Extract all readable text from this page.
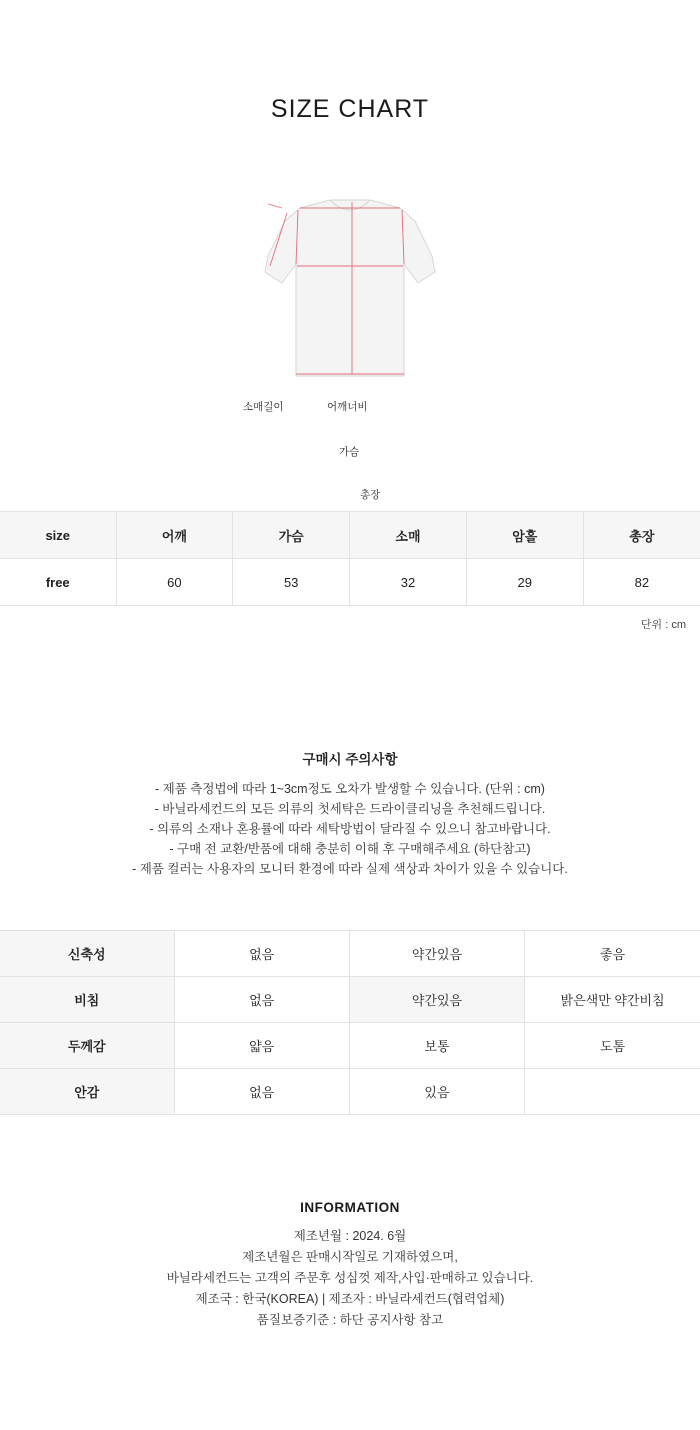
SIZE CHART
소매길이	어깨너비
가슴
총장
size	어깨	가슴	소매	암홀	총장
free	60	53	32	29	82
단위 : cm
구매시 주의사항
- 제품 측정법에 따라 1~3cm정도 오차가 발생할 수 있습니다. (단위 : cm)
- 바닐라세컨드의 모든 의류의 첫세탁은 드라이클리닝을 추천해드립니다.
- 의류의 소재나 혼용률에 따라 세탁방법이 달라질 수 있으니 참고바랍니다.
- 구매 전 교환/반품에 대해 충분히 이해 후 구매해주세요 (하단참고)
- 제품 컬러는 사용자의 모니터 환경에 따라 실제 색상과 차이가 있을 수 있습니다.
신축성	없음	약간있음	좋음
비침	없음	약간있음	밝은색만 약간비침
두께감	얇음	보통	도톰
안감	없음	있음	
INFORMATION
제조년월 : 2024. 6월
제조년월은 판매시작일로 기재하였으며,
바닐라세컨드는 고객의 주문후 성심껏 제작,사입·판매하고 있습니다.
제조국 : 한국(KOREA) | 제조자 : 바닐라세컨드(협력업체)
품질보증기준 : 하단 공지사항 참고
